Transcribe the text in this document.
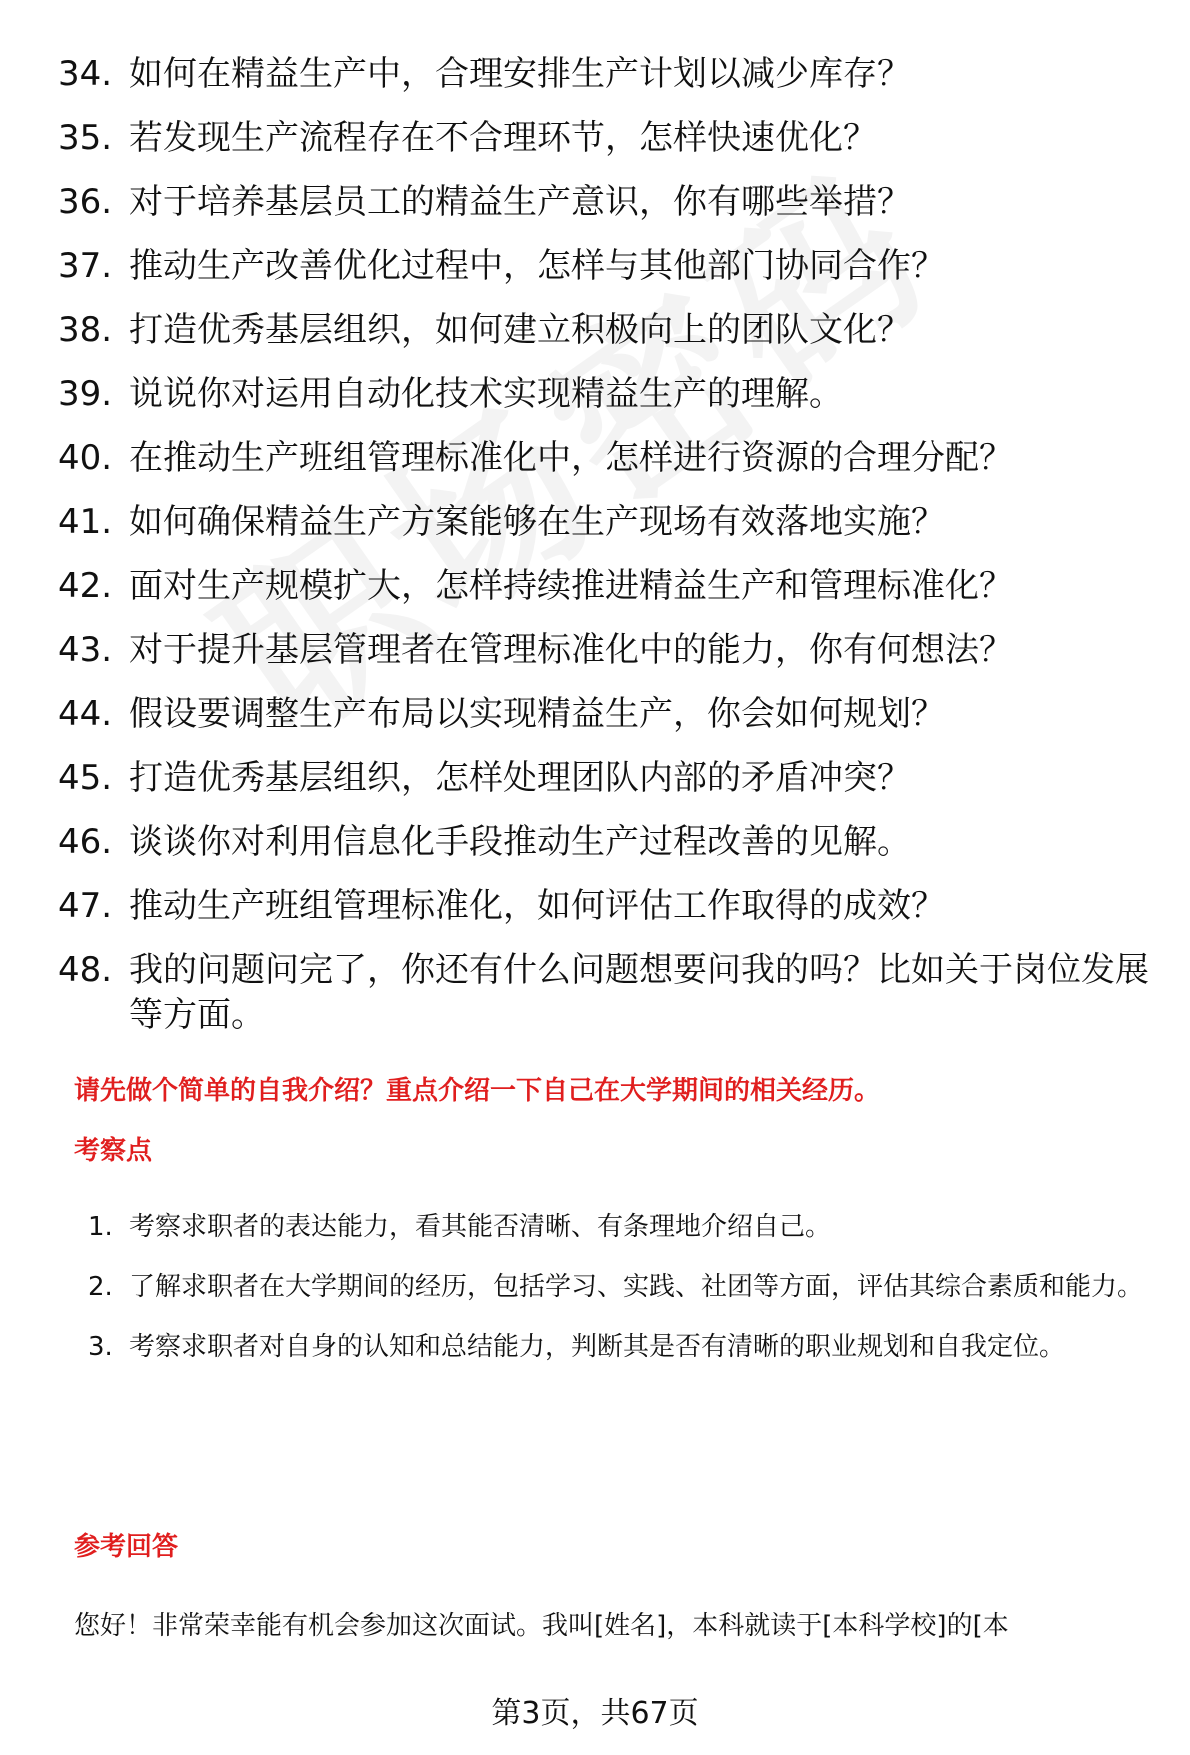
34. 如何在精益生产中，合理安排生产计划以减少库存？
35. 若发现生产流程存在不合理环节，怎样快速优化？
36. 对于培养基层员工的精益生产意识，你有哪些举措？
37. 推动生产改善优化过程中，怎样与其他部门协同合作？
38. 打造优秀基层组织，如何建立积极向上的团队文化？
39. 说说你对运用自动化技术实现精益生产的理解。
40. 在推动生产班组管理标准化中，怎样进行资源的合理分配？
41. 如何确保精益生产方案能够在生产现场有效落地实施？
42. 面对生产规模扩大，怎样持续推进精益生产和管理标准化？
43. 对于提升基层管理者在管理标准化中的能力，你有何想法？
44. 假设要调整生产布局以实现精益生产，你会如何规划？
45. 打造优秀基层组织，怎样处理团队内部的矛盾冲突？
46. 谈谈你对利用信息化手段推动生产过程改善的见解。
47. 推动生产班组管理标准化，如何评估工作取得的成效？
48. 我的问题问完了，你还有什么问题想要问我的吗？比如关于岗位发展等方面。
请先做个简单的自我介绍？重点介绍一下自己在大学期间的相关经历。
考察点
1. 考察求职者的表达能力，看其能否清晰、有条理地介绍自己。
2. 了解求职者在大学期间的经历，包括学习、实践、社团等方面，评估其综合素质和能力。
3. 考察求职者对自身的认知和总结能力，判断其是否有清晰的职业规划和自我定位。
参考回答
您好！非常荣幸能有机会参加这次面试。我叫[姓名]，本科就读于[本科学校]的[本
第3页，共67页
